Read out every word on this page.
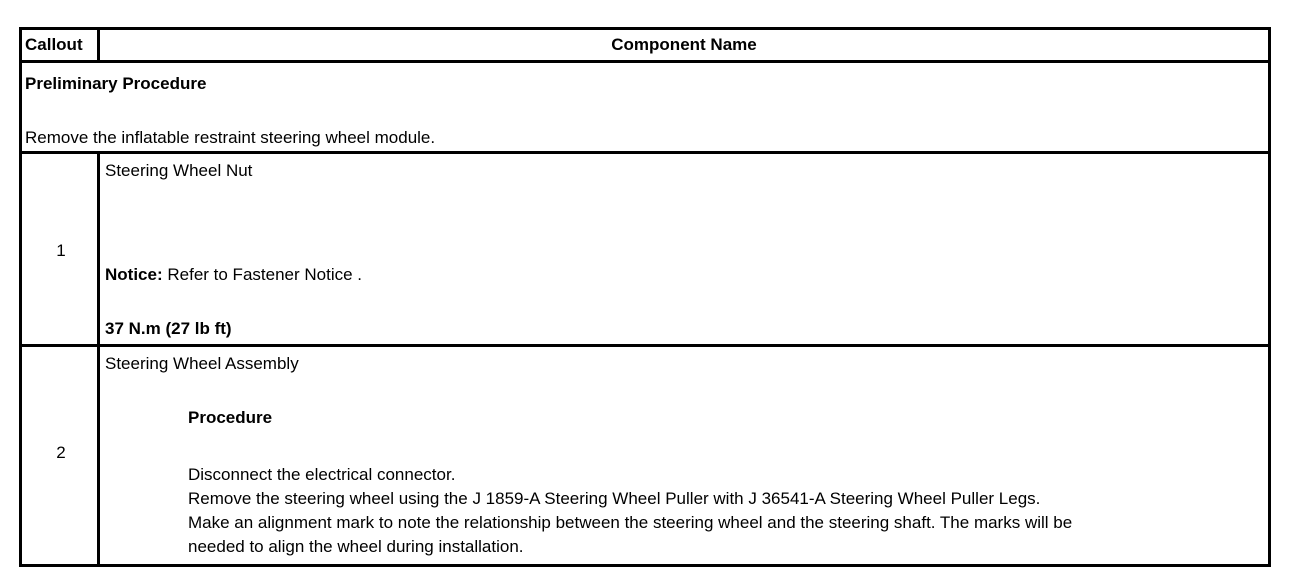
Callout	Component Name
Preliminary Procedure
Remove the inflatable restraint steering wheel module.
1
Steering Wheel Nut
Notice: Refer to Fastener Notice .
37 N.m (27 lb ft)
2
Steering Wheel Assembly
Procedure
Disconnect the electrical connector.
Remove the steering wheel using the J 1859-A Steering Wheel Puller with J 36541-A Steering Wheel Puller Legs.
Make an alignment mark to note the relationship between the steering wheel and the steering shaft. The marks will be
needed to align the wheel during installation.
